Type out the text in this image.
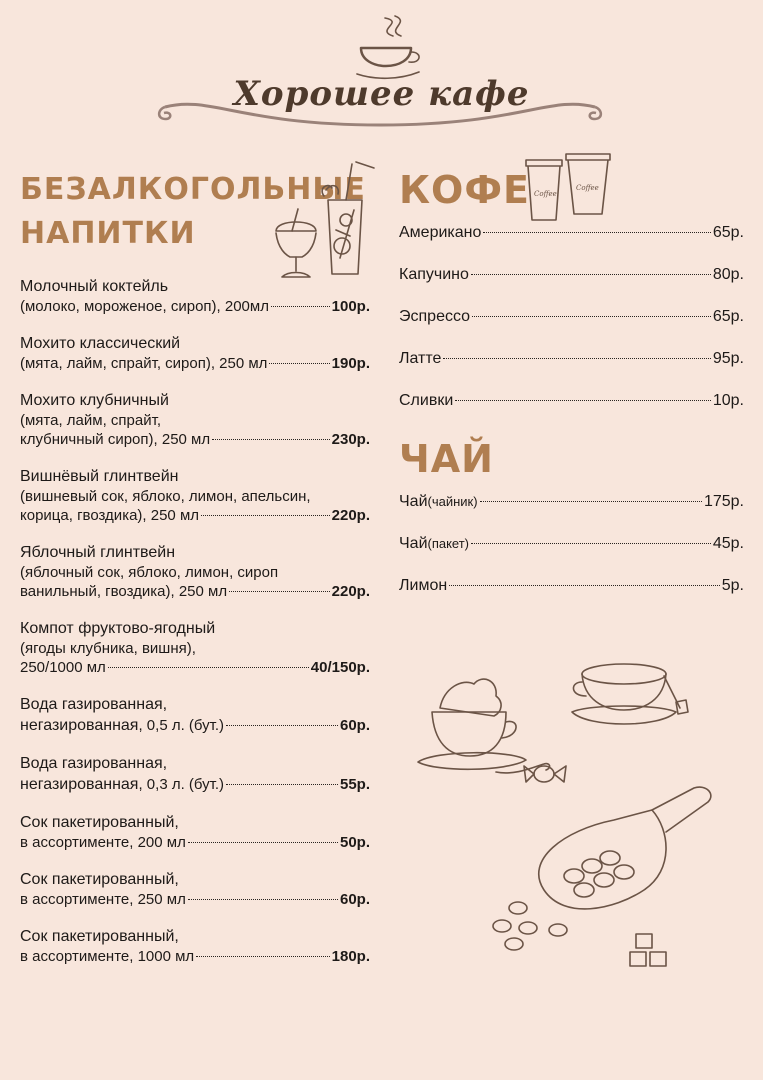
Хорошее кафе
БЕЗАЛКОГОЛЬНЫЕ
НАПИТКИ
Молочный коктейль
(молоко, мороженое, сироп), 200мл	100р.
Мохито классический
(мята, лайм, спрайт, сироп), 250 мл	190р.
Мохито клубничный
(мята, лайм, спрайт,
клубничный сироп), 250 мл	230р.
Вишнёвый глинтвейн
(вишневый сок, яблоко, лимон, апельсин,
корица, гвоздика), 250 мл	220р.
Яблочный глинтвейн
(яблочный сок, яблоко, лимон, сироп
ванильный, гвоздика), 250 мл	220р.
Компот фруктово-ягодный
(ягоды клубника, вишня),
250/1000 мл	40/150р.
Вода газированная,
негазированная , 0,5 л. (бут.)	60р.
Вода газированная,
негазированная , 0,3 л. (бут.)	55р.
Сок пакетированный,
в ассортименте, 200 мл	50р.
Сок пакетированный,
в ассортименте, 250 мл	60р.
Сок пакетированный,
в ассортименте, 1000 мл	180р.
КОФЕ
Американо	65р.
Капучино	80р.
Эспрессо	65р.
Латте	95р.
Сливки	10р.
ЧАЙ
Чай (чайник)	175р.
Чай (пакет)	45р.
Лимон	5р.
Coffee
Coffee
